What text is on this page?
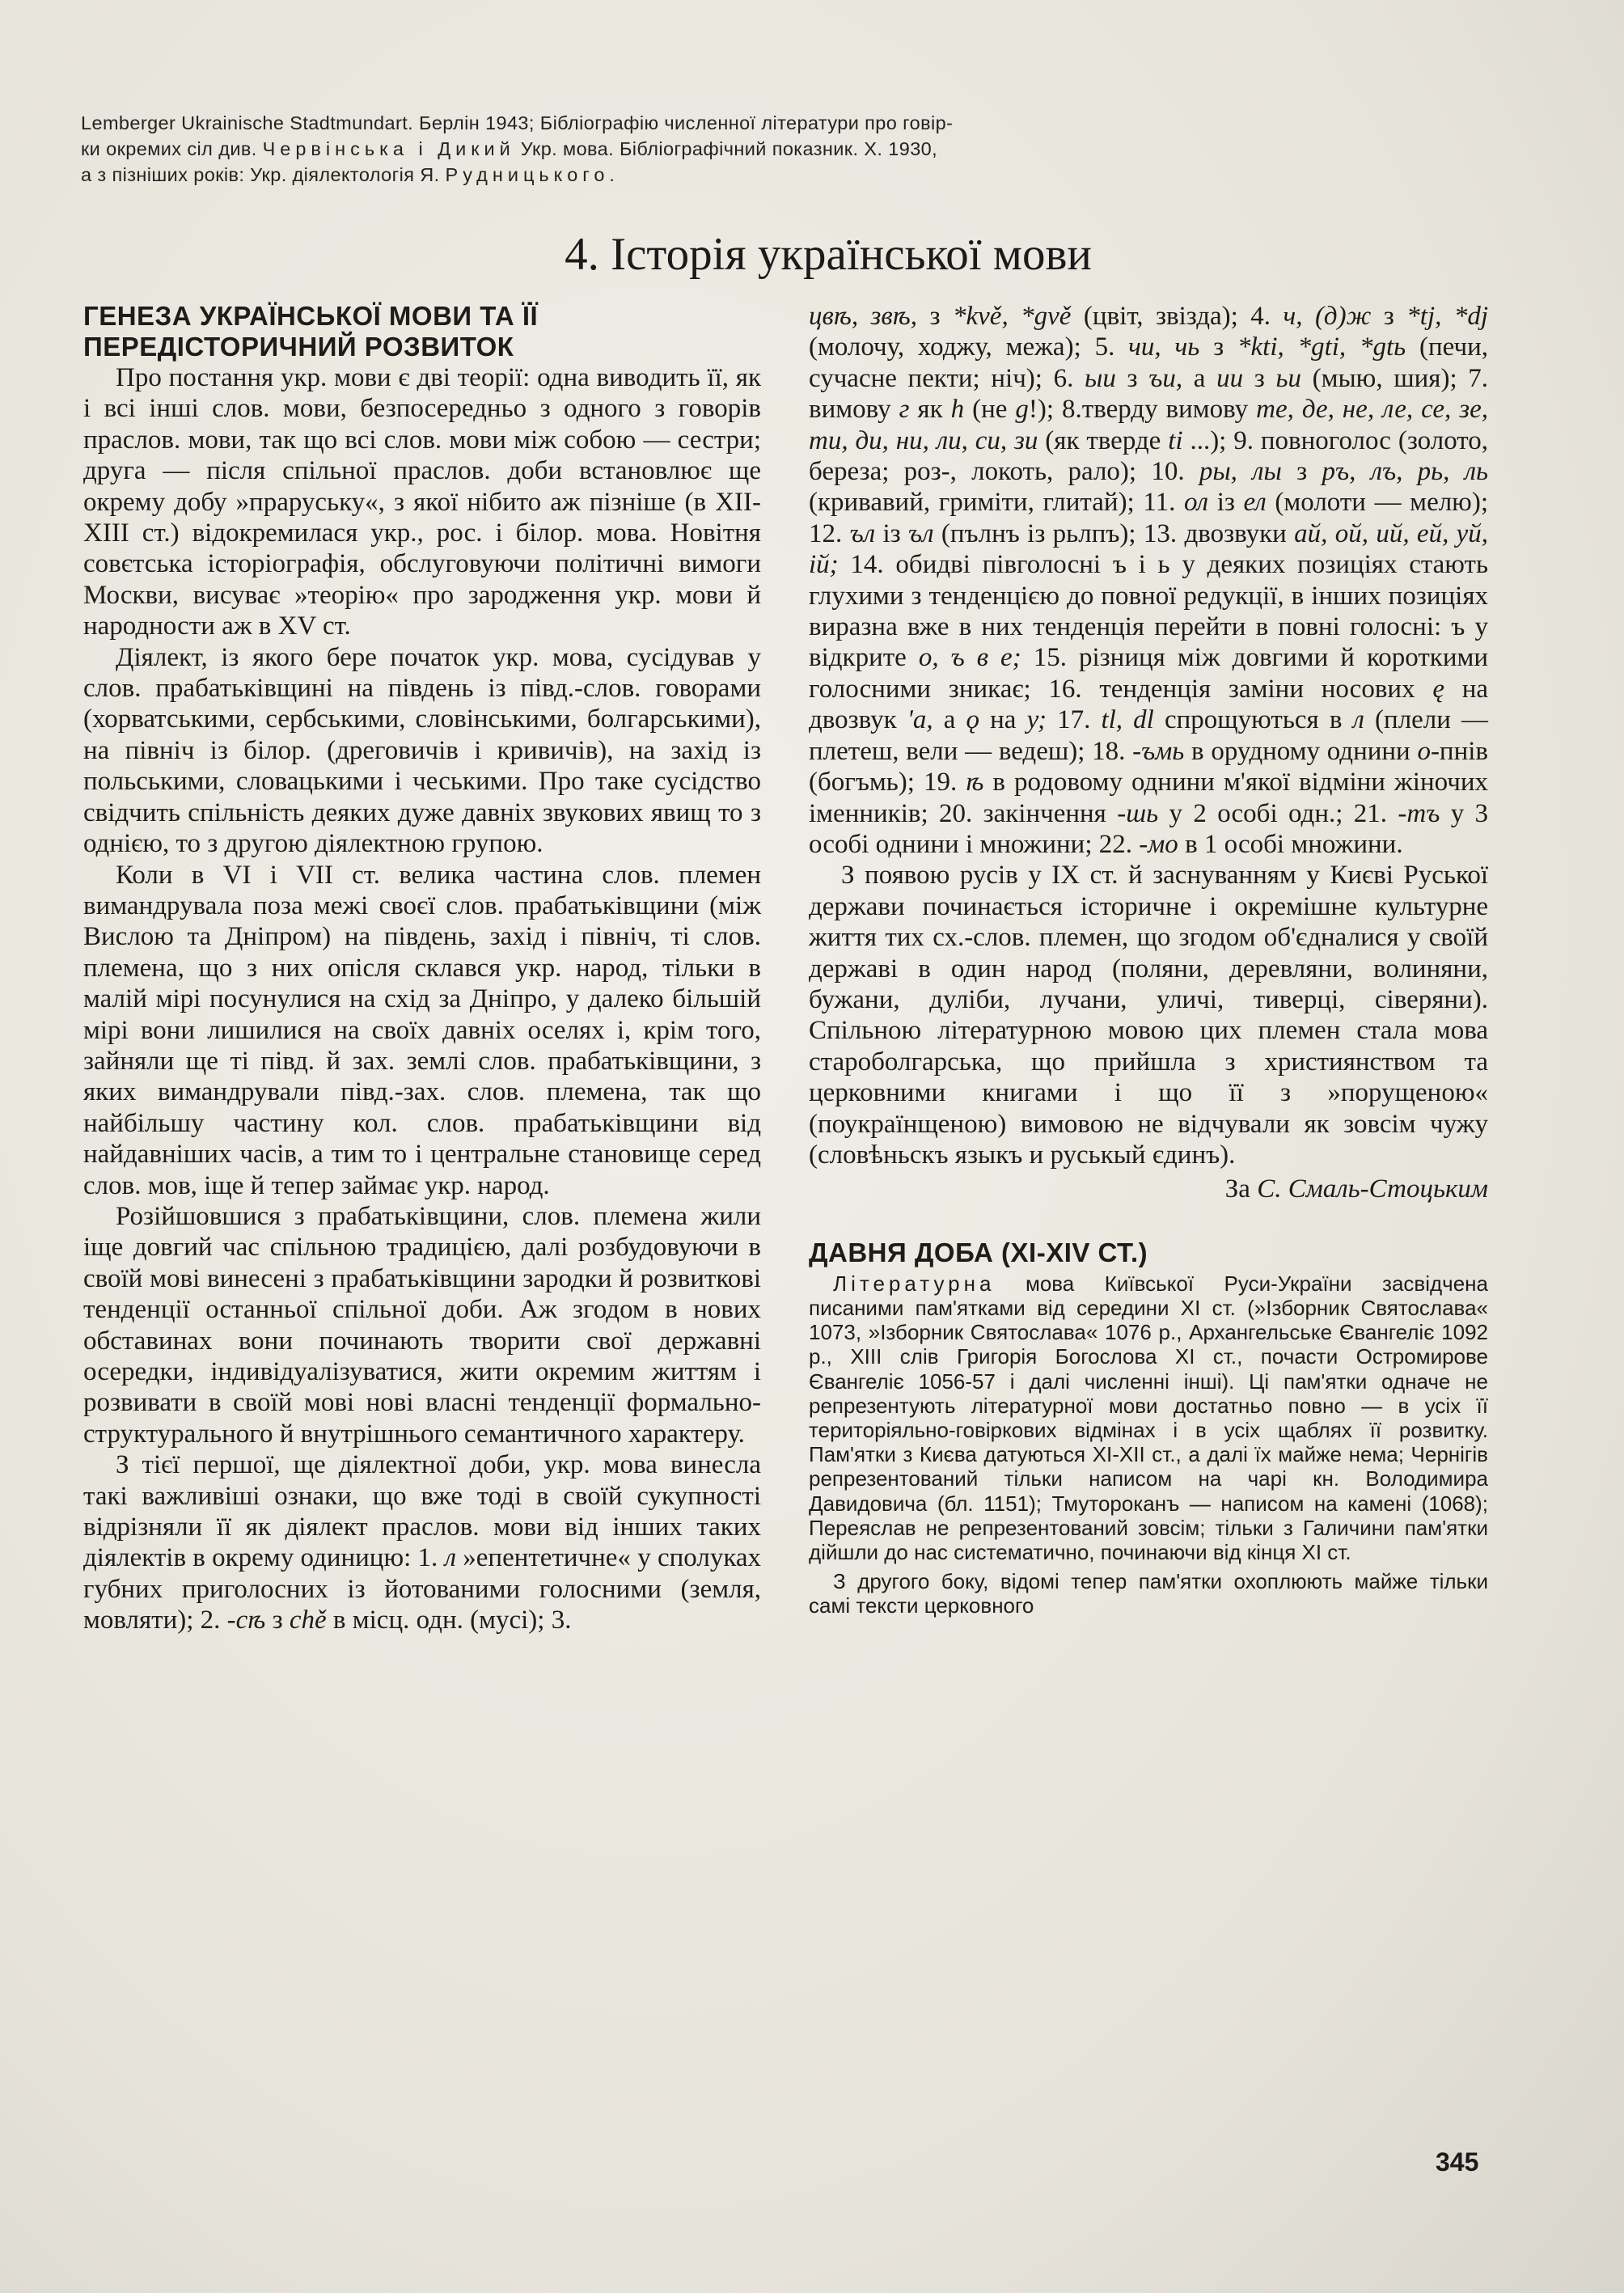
Lemberger Ukrainische Stadtmundart. Берлін 1943; Бібліографію численної літератури про говір-

ки окремих сіл див. Червінська і Дикий Укр. мова. Бібліографічний показник. Х. 1930,

а з пізніших років: Укр. діялектологія Я. Рудницького.

4. Історія української мови

ГЕНЕЗА УКРАЇНСЬКОЇ МОВИ ТА ЇЇ
ПЕРЕДІСТОРИЧНИЙ РОЗВИТОК

Про постання укр. мови є дві теорії: одна виводить її, як і всі інші слов. мови, безпосередньо з одного з говорів праслов. мови, так що всі слов. мови між собою — сестри; друга — після спільної праслов. доби встановлює ще окрему добу »праруську«, з якої нібито аж пізніше (в XII-XIII ст.) відокремилася укр., рос. і білор. мова. Новітня совєтська історіографія, обслуговуючи політичні вимоги Москви, висуває »теорію« про зародження укр. мови й народности аж в XV ст.

Діялект, із якого бере початок укр. мова, сусідував у слов. прабатьківщині на південь із півд.-слов. говорами (хорватськими, сербськими, словінськими, болгарськими), на північ із білор. (дреговичів і кривичів), на захід із польськими, словацькими і чеськими. Про таке сусідство свідчить спільність деяких дуже давніх звукових явищ то з однією, то з другою діялектною групою.

Коли в VI і VII ст. велика частина слов. племен вимандрувала поза межі своєї слов. прабатьківщини (між Вислою та Дніпром) на південь, захід і північ, ті слов. племена, що з них опісля склався укр. народ, тільки в малій мірі посунулися на схід за Дніпро, у далеко більшій мірі вони лишилися на своїх давніх оселях і, крім того, зайняли ще ті півд. й зах. землі слов. прабатьківщини, з яких вимандрували півд.-зах. слов. племена, так що найбільшу частину кол. слов. прабатьківщини від найдавніших часів, а тим то і центральне становище серед слов. мов, іще й тепер займає укр. народ.

Розійшовшися з прабатьківщини, слов. племена жили іще довгий час спільною традицією, далі розбудовуючи в своїй мові винесені з прабатьківщини зародки й розвиткові тенденції останньої спільної доби. Аж згодом в нових обставинах вони починають творити свої державні осередки, індивідуалізуватися, жити окремим життям і розвивати в своїй мові нові власні тенденції формально-структурального й внутрішнього семантичного характеру.

З тієї першої, ще діялектної доби, укр. мова винесла такі важливіші ознаки, що вже тоді в своїй сукупності відрізняли її як діялект праслов. мови від інших таких діялектів в окрему одиницю: 1. л »епентетичне« у сполуках губних приголосних із йотованими голосними (земля, мовляти); 2. -сѣ з chě в місц. одн. (мусі); 3.

цвѣ, звѣ, з *kvě, *gvě (цвіт, звізда); 4. ч, (д)ж з *tj, *dj (молочу, ходжу, межа); 5. чи, чь з *kti, *gti, *gtь (печи, сучасне пекти; ніч); 6. ыи з ъи, а ии з ьи (мыю, шия); 7. вимову г як h (не g!); 8.тверду вимову те, де, не, ле, се, зе, ти, ди, ни, ли, си, зи (як тверде ti ...); 9. повноголос (золото, береза; роз-, локоть, рало); 10. ры, лы з ръ, лъ, рь, ль (кривавий, гриміти, глитай); 11. ол із ел (молоти — мелю); 12. ъл із ъл (пълнъ із рьлпъ); 13. двозвуки ай, ой, ий, ей, уй, ій; 14. обидві півголосні ъ і ь у деяких позиціях стають глухими з тенденцією до повної редукції, в інших позиціях виразна вже в них тенденція перейти в повні голосні: ъ у відкрите о, ъ в е; 15. різниця між довгими й короткими голосними зникає; 16. тенденція заміни носових ę на двозвук ʹа, а ǫ на у; 17. tl, dl спрощуються в л (плели — плетеш, вели — ведеш); 18. -ъмь в орудному однини о-пнів (богъмь); 19. ѣ в родовому однини м'якої відміни жіночих іменників; 20. закінчення -шь у 2 особі одн.; 21. -тъ у 3 особі однини і множини; 22. -мо в 1 особі множини.

З появою русів у IX ст. й заснуванням у Києві Руської держави починається історичне і окремішне культурне життя тих сх.-слов. племен, що згодом об'єдналися у своїй державі в один народ (поляни, деревляни, волиняни, бужани, дуліби, лучани, уличі, тиверці, сіверяни). Спільною літературною мовою цих племен стала мова староболгарська, що прийшла з християнством та церковними книгами і що її з »порущеною« (поукраїнщеною) вимовою не відчували як зовсім чужу (словѣньскъ языкъ и руськый єдинъ).

За С. Смаль-Стоцьким

ДАВНЯ ДОБА (XI-XIV СТ.)

Літературна мова Київської Руси-України засвідчена писаними пам'ятками від середини XI ст. (»Ізборник Святослава« 1073, »Ізборник Святослава« 1076 р., Архангельське Євангеліє 1092 р., XIII слів Григорія Богослова XI ст., почасти Остромирове Євангеліє 1056-57 і далі численні інші). Ці пам'ятки одначе не репрезентують літературної мови достатньо повно — в усіх її територіяльно-говіркових відмінах і в усіх щаблях її розвитку. Пам'ятки з Києва датуються XI-XII ст., а далі їх майже нема; Чернігів репрезентований тільки написом на чарі кн. Володимира Давидовича (бл. 1151); Тмутороканъ — написом на камені (1068); Переяслав не репрезентований зовсім; тільки з Галичини пам'ятки дійшли до нас систематично, починаючи від кінця XI ст.

З другого боку, відомі тепер пам'ятки охоплюють майже тільки самі тексти церковного

345
